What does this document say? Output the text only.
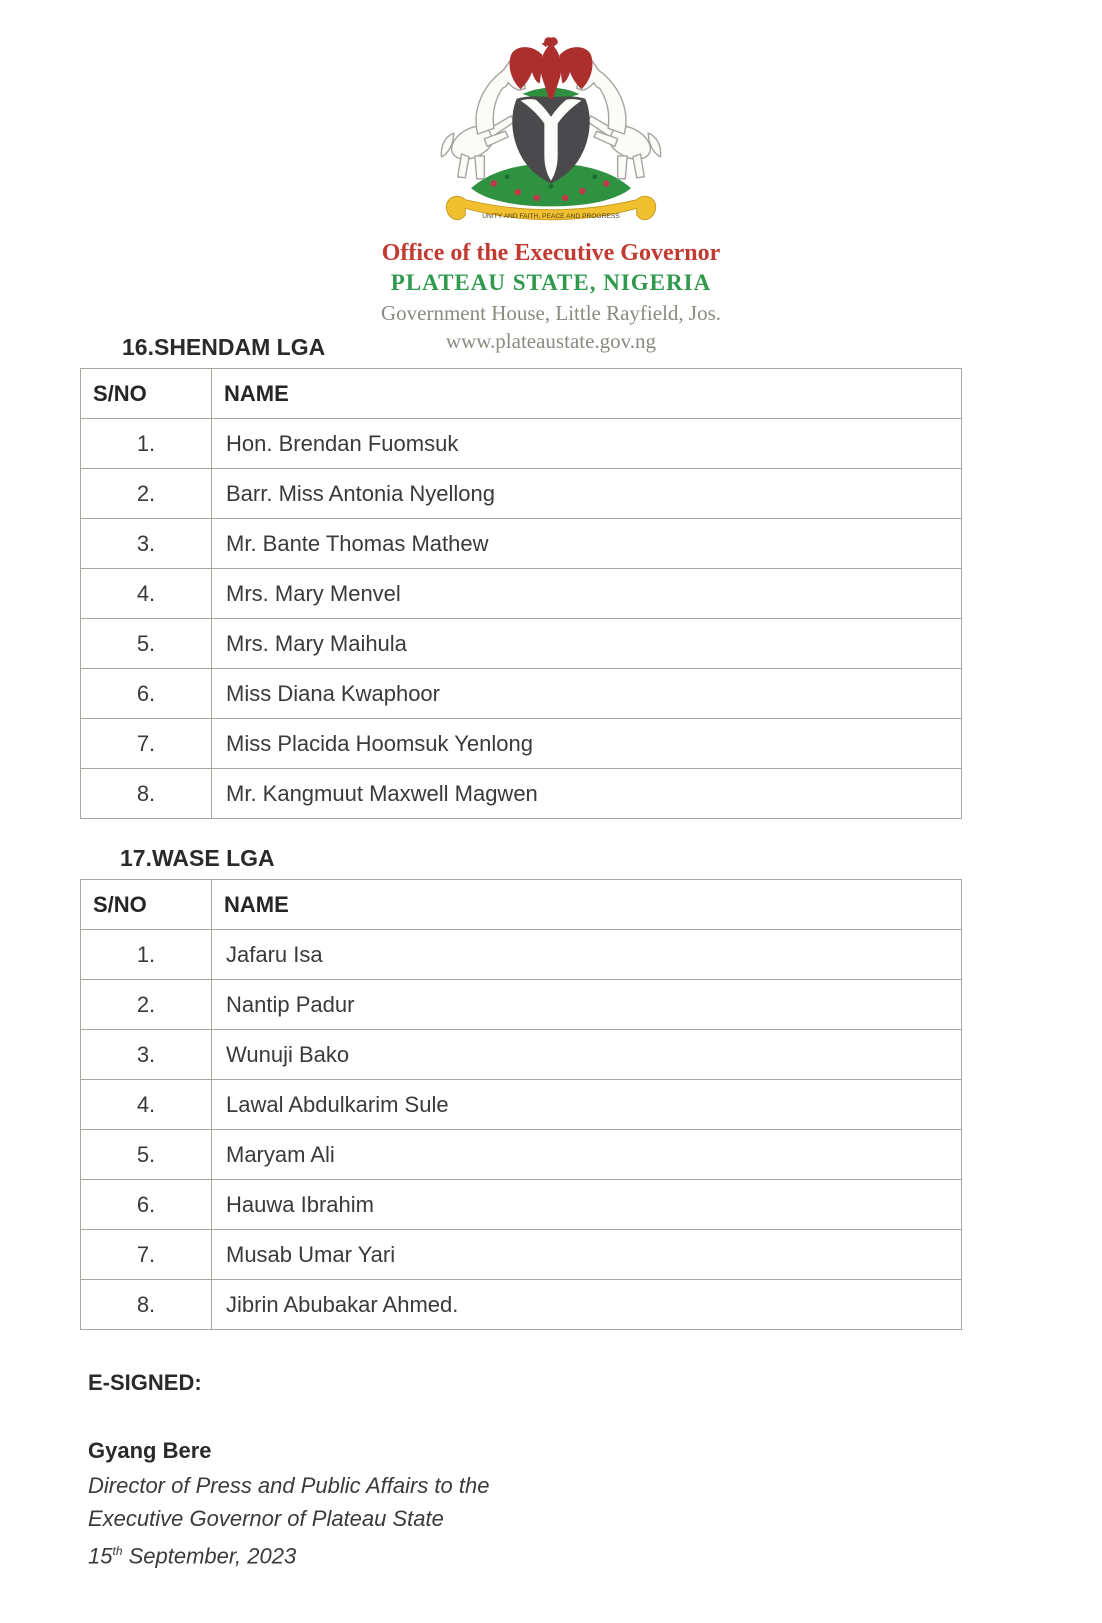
UNITY AND FAITH, PEACE AND PROGRESS
Office of the Executive Governor
PLATEAU STATE, NIGERIA
Government House, Little Rayfield, Jos.
www.plateaustate.gov.ng
16.SHENDAM LGA
S/NO	NAME
1.	Hon. Brendan Fuomsuk
2.	Barr. Miss Antonia Nyellong
3.	Mr. Bante Thomas Mathew
4.	Mrs. Mary Menvel
5.	Mrs. Mary Maihula
6.	Miss Diana Kwaphoor
7.	Miss Placida Hoomsuk Yenlong
8.	Mr. Kangmuut Maxwell Magwen
17.WASE LGA
S/NO	NAME
1.	Jafaru Isa
2.	Nantip Padur
3.	Wunuji Bako
4.	Lawal Abdulkarim Sule
5.	Maryam Ali
6.	Hauwa Ibrahim
7.	Musab Umar Yari
8.	Jibrin Abubakar Ahmed.
E-SIGNED:
Gyang Bere
Director of Press and Public Affairs to the
Executive Governor of Plateau State
15th September, 2023
